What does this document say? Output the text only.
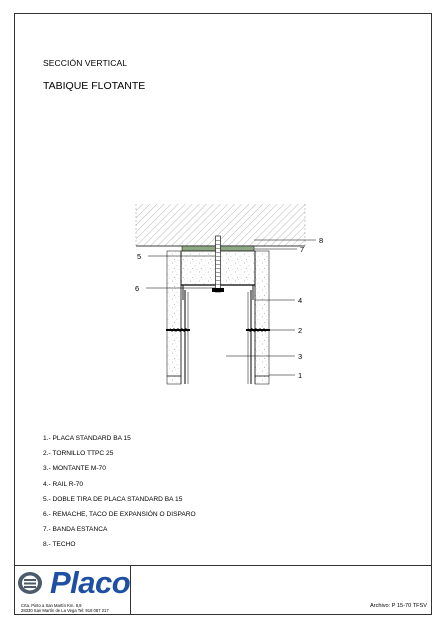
SECCIÓN VERTICAL
TABIQUE FLOTANTE
8
7
5
6
4
2
3
1
1.- PLACA STANDARD BA 15
2.- TORNILLO TTPC 25
3.- MONTANTE M-70
4.- RAIL R-70
5.- DOBLE TIRA DE PLACA STANDARD BA 15
6.- REMACHE, TACO DE EXPANSIÓN O DISPARO
7.- BANDA ESTANCA
8.- TECHO
Placo
Crta. Pinto a San Martín Km. 8,9
28330 San Martín de La Vega Tel: 918 087 217
Archivo: P 15-70 TFSV
